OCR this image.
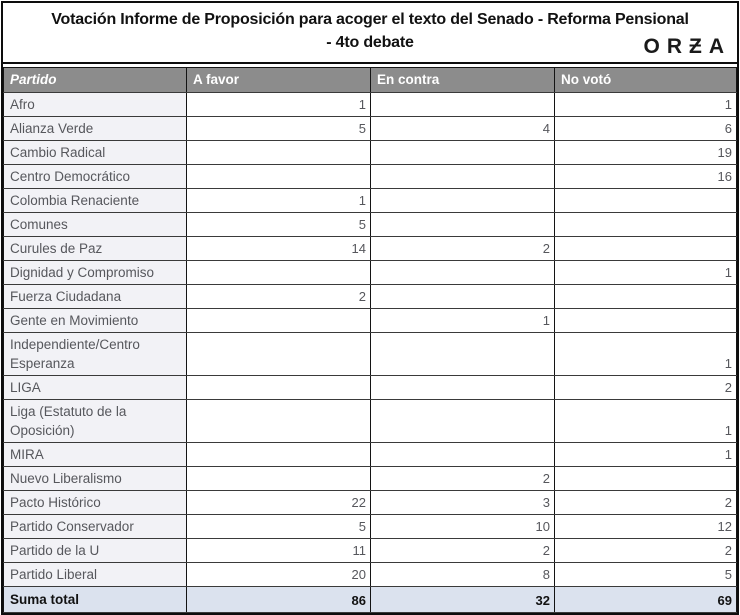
Votación Informe de Proposición para acoger el texto del Senado - Reforma Pensional
- 4to debate	ORƵA
Partido	A favor	En contra	No votó
Afro	1		1
Alianza Verde	5	4	6
Cambio Radical			19
Centro Democrático			16
Colombia Renaciente	1		
Comunes	5		
Curules de Paz	14	2	
Dignidad y Compromiso			1
Fuerza Ciudadana	2		
Gente en Movimiento		1	
Independiente/Centro Esperanza			1
LIGA			2
Liga (Estatuto de la Oposición)			1
MIRA			1
Nuevo Liberalismo		2	
Pacto Histórico	22	3	2
Partido Conservador	5	10	12
Partido de la U	11	2	2
Partido Liberal	20	8	5
Suma total	86	32	69
